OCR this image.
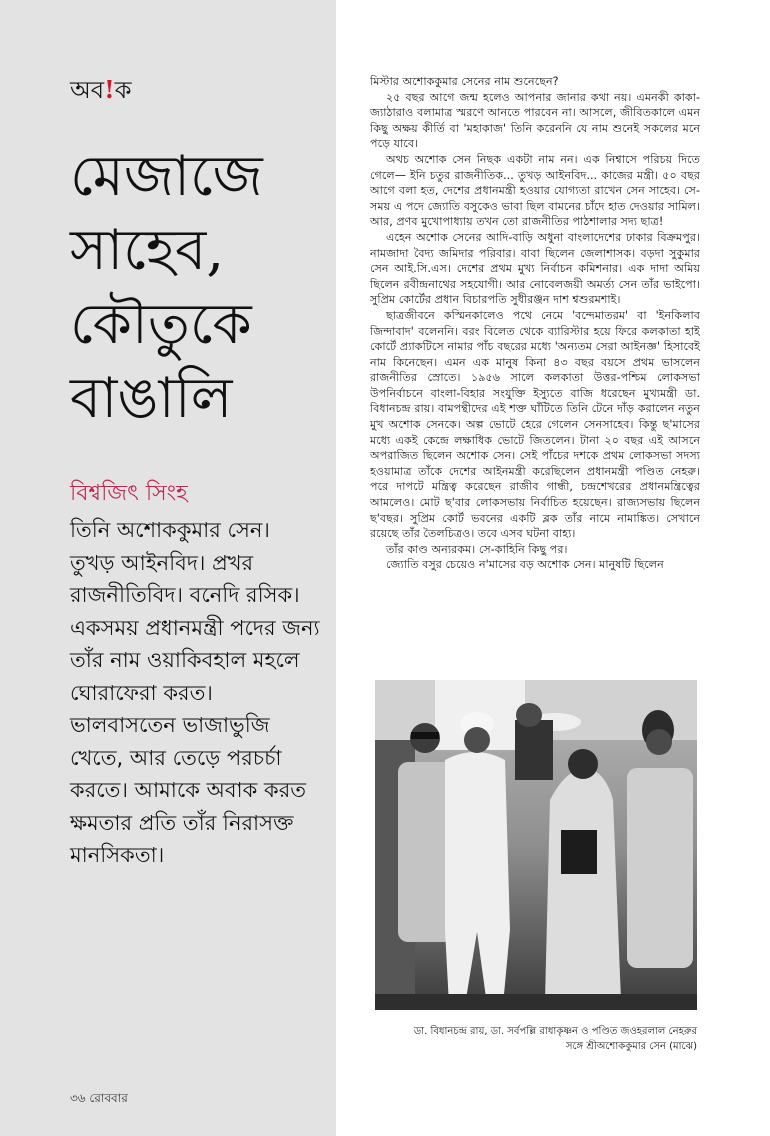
অব!ক
মেজাজে
সাহেব,
কৌতুকে
বাঙালি
বিশ্বজিৎ সিংহ

তিনি অশোককুমার সেন। তুখড় আইনবিদ। প্রখর রাজনীতিবিদ। বনেদি রসিক। একসময় প্রধানমন্ত্রী পদের জন্য তাঁর নাম ওয়াকিবহাল মহলে ঘোরাফেরা করত। ভালবাসতেন ভাজাভুজি খেতে, আর তেড়ে পরচর্চা করতে। আমাকে অবাক করত ক্ষমতার প্রতি তাঁর নিরাসক্ত মানসিকতা।

৩৬ রোববার

মিস্টার অশোককুমার সেনের নাম শুনেছেন?

২৫ বছর আগে জন্ম হলেও আপনার জানার কথা নয়। এমনকী কাকা-জ্যাঠারাও বলামাত্র স্মরণে আনতে পারবেন না। আসলে, জীবিতকালে এমন কিছু অক্ষয় কীর্তি বা 'মহাকাজ' তিনি করেননি যে নাম শুনেই সকলের মনে পড়ে যাবে।

অথচ অশোক সেন নিছক একটা নাম নন। এক নিশ্বাসে পরিচয় দিতে গেলে— ইনি চতুর রাজনীতিক... তুখড় আইনবিদ... কাজের মন্ত্রী। ৫০ বছর আগে বলা হত, দেশের প্রধানমন্ত্রী হওয়ার যোগ্যতা রাখেন সেন সাহেব। সে-সময় এ পদে জ্যোতি বসুকেও ভাবা ছিল বামনের চাঁদে হাত দেওয়ার সামিল। আর, প্রণব মুখোপাধ্যায় তখন তো রাজনীতির পাঠশালার সদ্য ছাত্র!

এহেন অশোক সেনের আদি-বাড়ি অধুনা বাংলাদেশের ঢাকার বিক্রমপুর। নামজাদা বৈদ্য জমিদার পরিবার। বাবা ছিলেন জেলাশাসক। বড়দা সুকুমার সেন আই.সি.এস। দেশের প্রথম মুখ্য নির্বাচন কমিশনার। এক দাদা অমিয় ছিলেন রবীন্দ্রনাথের সহযোগী। আর নোবেলজয়ী অমর্ত্য সেন তাঁর ভাইপো। সুপ্রিম কোর্টের প্রধান বিচারপতি সুধীরঞ্জন দাশ শ্বশুরমশাই।

ছাত্রজীবনে কস্মিনকালেও পথে নেমে 'বন্দেমাতরম' বা 'ইনকিলাব জিন্দাবাদ' বলেননি। বরং বিলেত থেকে ব্যারিস্টার হয়ে ফিরে কলকাতা হাই কোর্টে প্র্যাকটিসে নামার পাঁচ বছরের মধ্যে 'অন্যতম সেরা আইনজ্ঞ' হিসাবেই নাম কিনেছেন। এমন এক মানুষ কিনা ৪৩ বছর বয়সে প্রথম ভাসলেন রাজনীতির স্রোতে। ১৯৫৬ সালে কলকাতা উত্তর-পশ্চিম লোকসভা উপনির্বাচনে বাংলা-বিহার সংযুক্তি ইস্যুতে বাজি ধরেছেন মুখ্যমন্ত্রী ডা. বিধানচন্দ্র রায়। বামপন্থীদের এই শক্ত ঘাঁটিতে তিনি টেনে দাঁড় করালেন নতুন মুখ অশোক সেনকে। অল্প ভোটে হেরে গেলেন সেনসাহেব। কিন্তু ছ'মাসের মধ্যে একই কেন্দ্রে লক্ষাধিক ভোটে জিতলেন। টানা ২০ বছর এই আসনে অপরাজিত ছিলেন অশোক সেন। সেই পাঁচের দশকে প্রথম লোকসভা সদস্য হওয়ামাত্র তাঁকে দেশের আইনমন্ত্রী করেছিলেন প্রধানমন্ত্রী পণ্ডিত নেহরু। পরে দাপটে মন্ত্রিত্ব করেছেন রাজীব গান্ধী, চন্দ্রশেখরের প্রধানমন্ত্রিত্বের আমলেও। মোট ছ'বার লোকসভায় নির্বাচিত হয়েছেন। রাজ্যসভায় ছিলেন ছ'বছর। সুপ্রিম কোর্ট ভবনের একটি ব্লক তাঁর নামে নামাঙ্কিত। সেখানে রয়েছে তাঁর তৈলচিত্রও। তবে এসব ঘটনা বাহ্য।

তাঁর কাণ্ড অন্যরকম। সে-কাহিনি কিছু পর।

জ্যোতি বসুর চেয়েও ন'মাসের বড় অশোক সেন। মানুষটি ছিলেন

ডা. বিধানচন্দ্র রায়, ডা. সর্বপল্লি রাধাকৃষ্ণন ও পণ্ডিত জওহরলাল নেহরুর
সঙ্গে শ্রীঅশোককুমার সেন (মাঝে)
